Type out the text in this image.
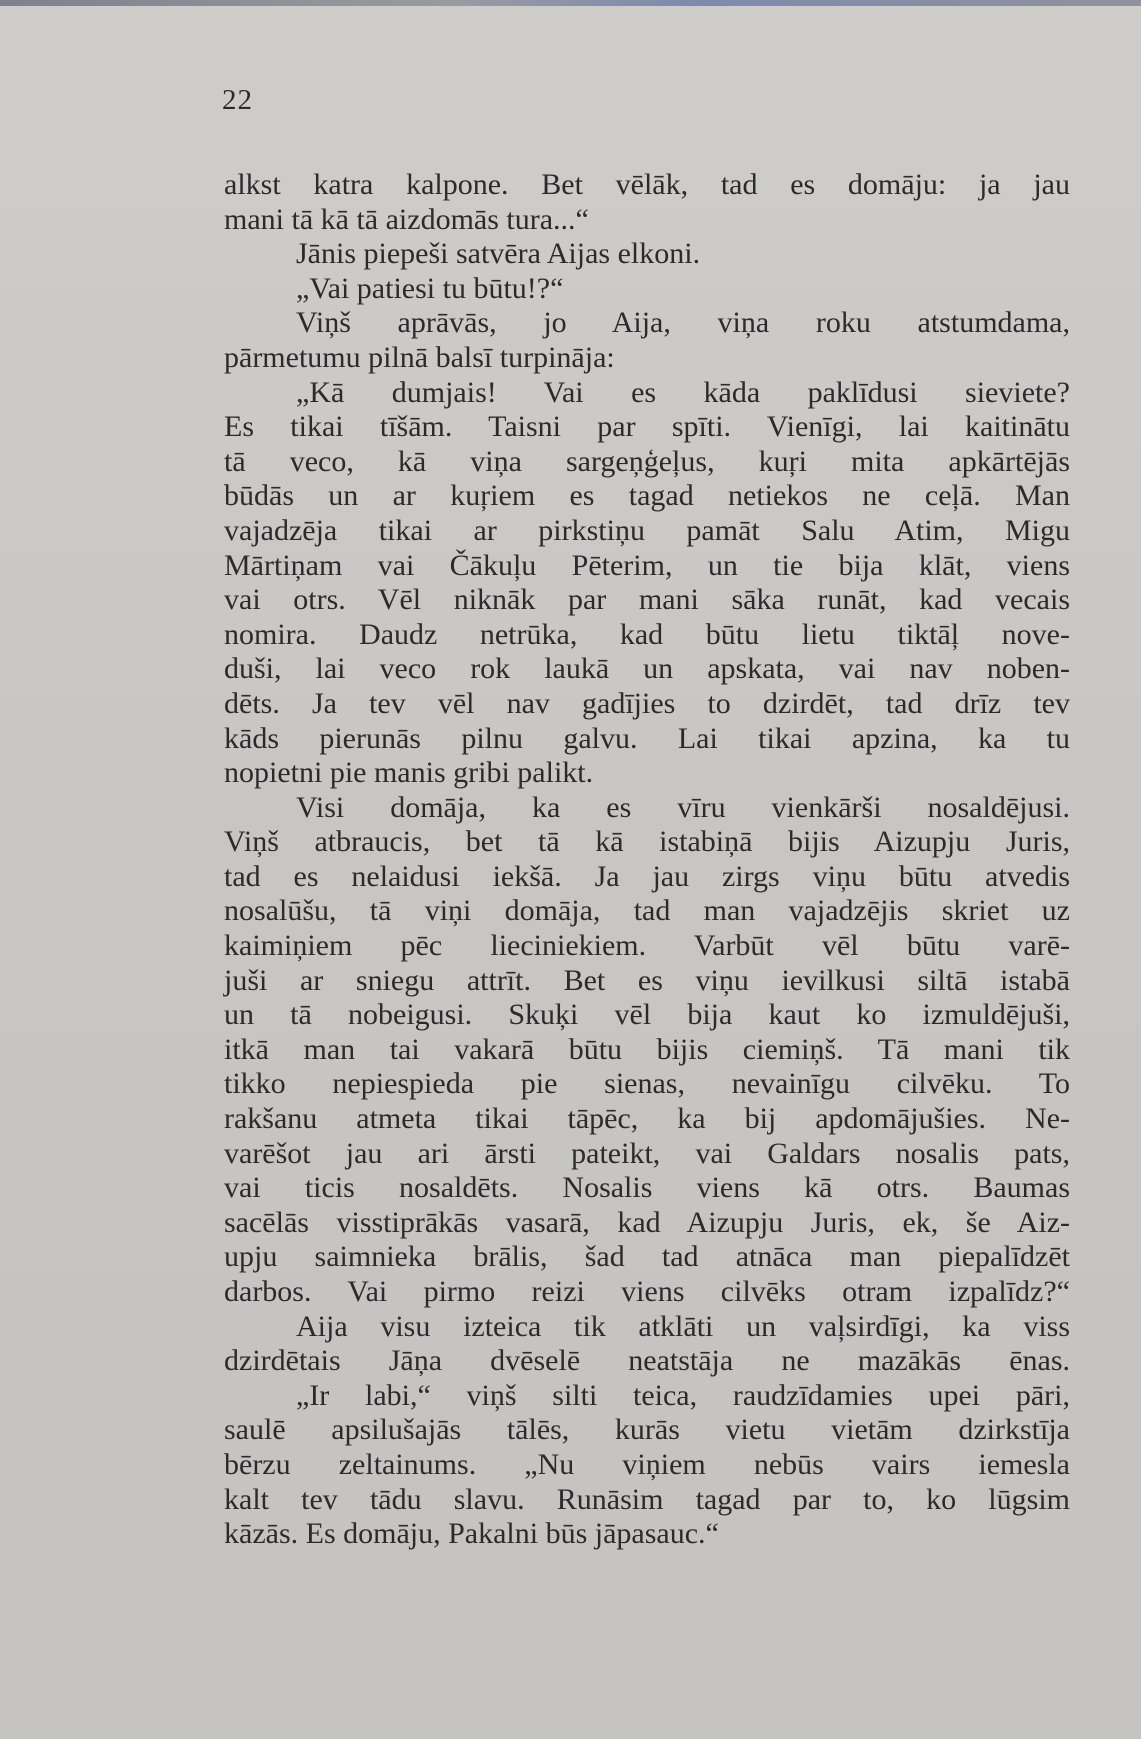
22
alkst katra kalpone. Bet vēlāk, tad es domāju: ja jau
mani tā kā tā aizdomās tura...“
Jānis piepeši satvēra Aijas elkoni.
„Vai patiesi tu būtu!?“
Viņš aprāvās, jo Aija, viņa roku atstumdama,
pārmetumu pilnā balsī turpināja:
„Kā dumjais! Vai es kāda paklīdusi sieviete?
Es tikai tīšām. Taisni par spīti. Vienīgi, lai kaitinātu
tā veco, kā viņa sargeņģeļus, kuŗi mita apkārtējās
būdās un ar kuŗiem es tagad netiekos ne ceļā. Man
vajadzēja tikai ar pirkstiņu pamāt Salu Atim, Migu
Mārtiņam vai Čākuļu Pēterim, un tie bija klāt, viens
vai otrs. Vēl niknāk par mani sāka runāt, kad vecais
nomira. Daudz netrūka, kad būtu lietu tiktāļ nove-
duši, lai veco rok laukā un apskata, vai nav noben-
dēts. Ja tev vēl nav gadījies to dzirdēt, tad drīz tev
kāds pierunās pilnu galvu. Lai tikai apzina, ka tu
nopietni pie manis gribi palikt.
Visi domāja, ka es vīru vienkārši nosaldējusi.
Viņš atbraucis, bet tā kā istabiņā bijis Aizupju Juris,
tad es nelaidusi iekšā. Ja jau zirgs viņu būtu atvedis
nosalūšu, tā viņi domāja, tad man vajadzējis skriet uz
kaimiņiem pēc lieciniekiem. Varbūt vēl būtu varē-
juši ar sniegu attrīt. Bet es viņu ievilkusi siltā istabā
un tā nobeigusi. Skuķi vēl bija kaut ko izmuldējuši,
itkā man tai vakarā būtu bijis ciemiņš. Tā mani tik
tikko nepiespieda pie sienas, nevainīgu cilvēku. To
rakšanu atmeta tikai tāpēc, ka bij apdomājušies. Ne-
varēšot jau ari ārsti pateikt, vai Galdars nosalis pats,
vai ticis nosaldēts. Nosalis viens kā otrs. Baumas
sacēlās visstiprākās vasarā, kad Aizupju Juris, ek, še Aiz-
upju saimnieka brālis, šad tad atnāca man piepalīdzēt
darbos. Vai pirmo reizi viens cilvēks otram izpalīdz?“
Aija visu izteica tik atklāti un vaļsirdīgi, ka viss
dzirdētais Jāņa dvēselē neatstāja ne mazākās ēnas.
„Ir labi,“ viņš silti teica, raudzīdamies upei pāri,
saulē apsilušajās tālēs, kurās vietu vietām dzirkstīja
bērzu zeltainums. „Nu viņiem nebūs vairs iemesla
kalt tev tādu slavu. Runāsim tagad par to, ko lūgsim
kāzās. Es domāju, Pakalni būs jāpasauc.“
